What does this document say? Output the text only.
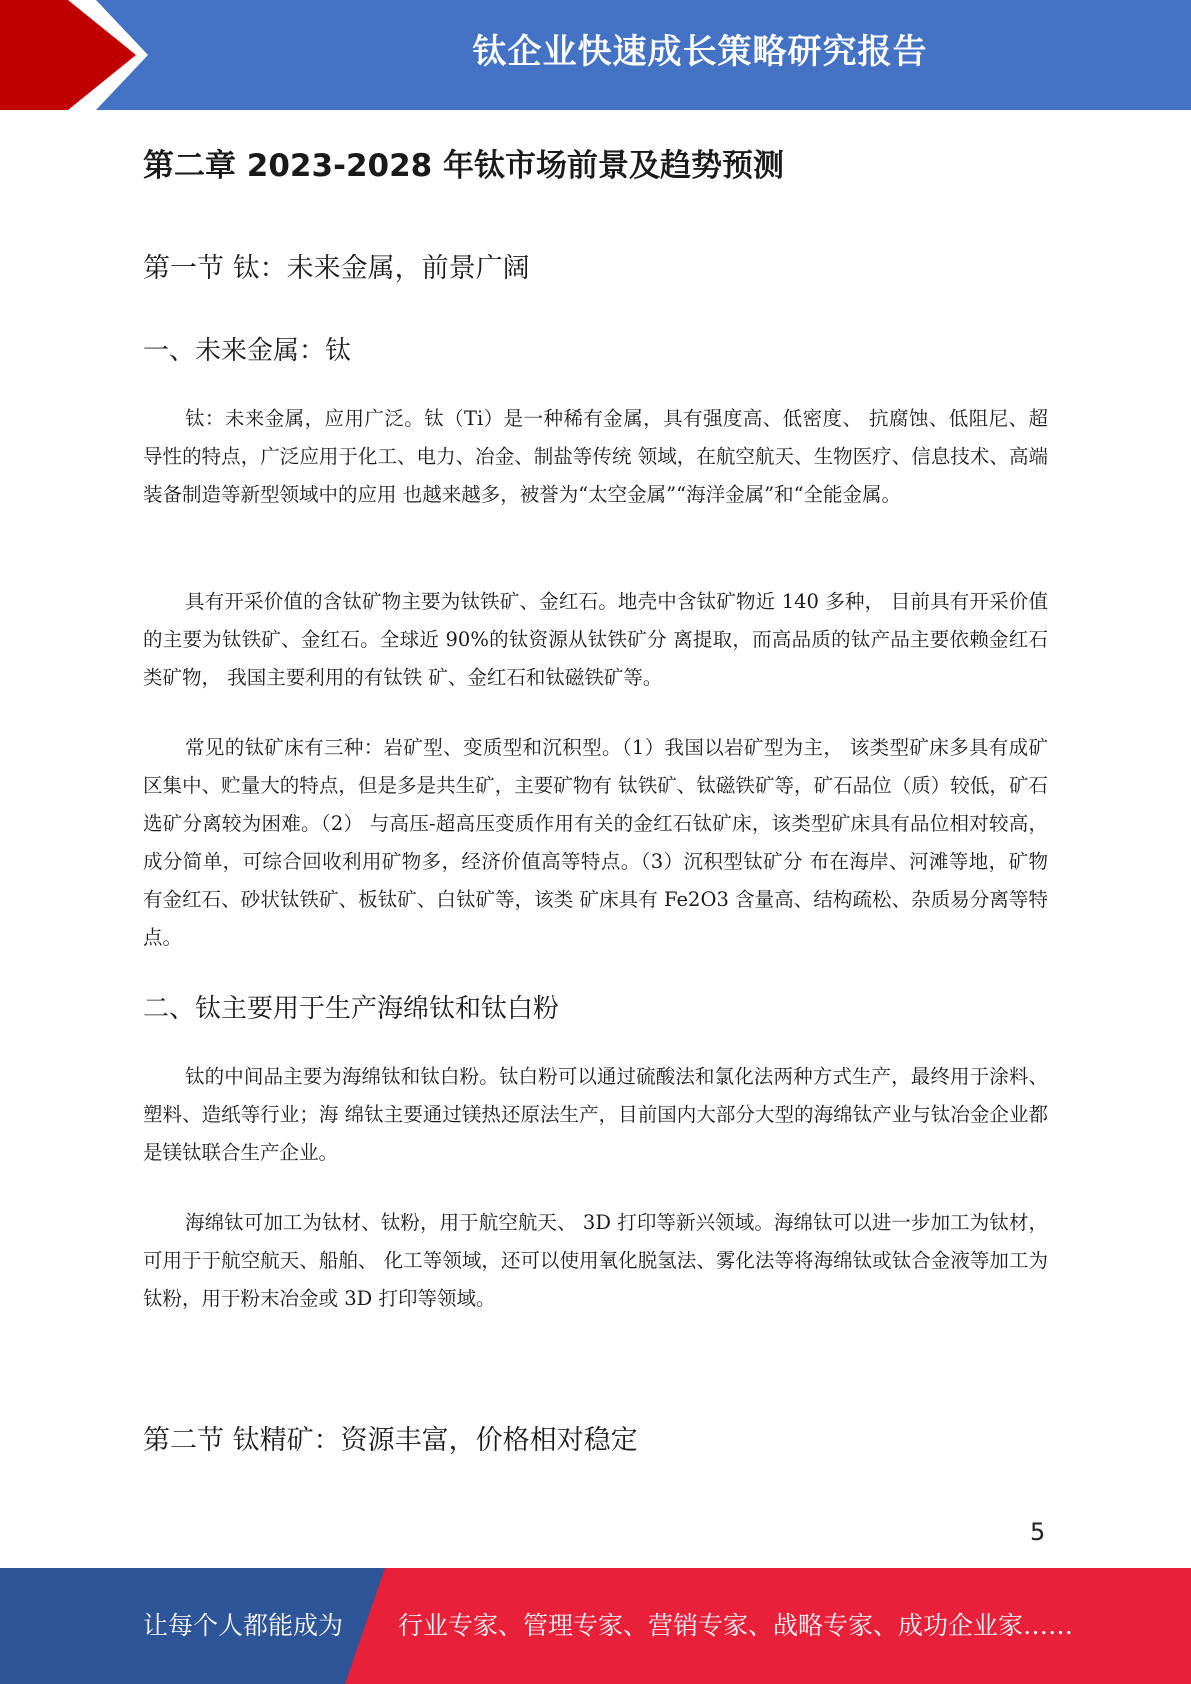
钛企业快速成长策略研究报告
第二章 2023-2028 年钛市场前景及趋势预测
第一节 钛：未来金属，前景广阔
一、未来金属：钛

钛：未来金属，应用广泛。钛（Ti）是一种稀有金属，具有强度高、低密度、 抗腐蚀、低阻尼、超导性的特点，广泛应用于化工、电力、冶金、制盐等传统 领域，在航空航天、生物医疗、信息技术、高端装备制造等新型领域中的应用 也越来越多，被誉为“太空金属”“海洋金属”和“全能金属。

具有开采价值的含钛矿物主要为钛铁矿、金红石。地壳中含钛矿物近 140 多种， 目前具有开采价值的主要为钛铁矿、金红石。全球近 90%的钛资源从钛铁矿分 离提取，而高品质的钛产品主要依赖金红石类矿物， 我国主要利用的有钛铁 矿、金红石和钛磁铁矿等。

常见的钛矿床有三种：岩矿型、变质型和沉积型。（1）我国以岩矿型为主， 该类型矿床多具有成矿区集中、贮量大的特点，但是多是共生矿，主要矿物有 钛铁矿、钛磁铁矿等，矿石品位（质）较低，矿石选矿分离较为困难。（2） 与高压-超高压变质作用有关的金红石钛矿床，该类型矿床具有品位相对较高， 成分简单，可综合回收利用矿物多，经济价值高等特点。（3）沉积型钛矿分 布在海岸、河滩等地，矿物有金红石、砂状钛铁矿、板钛矿、白钛矿等，该类 矿床具有 Fe2O3 含量高、结构疏松、杂质易分离等特点。

二、钛主要用于生产海绵钛和钛白粉

钛的中间品主要为海绵钛和钛白粉。钛白粉可以通过硫酸法和氯化法两种方式生产，最终用于涂料、塑料、造纸等行业；海 绵钛主要通过镁热还原法生产，目前国内大部分大型的海绵钛产业与钛冶金企业都是镁钛联合生产企业。

海绵钛可加工为钛材、钛粉，用于航空航天、 3D 打印等新兴领域。海绵钛可以进一步加工为钛材，可用于于航空航天、船舶、 化工等领域，还可以使用氧化脱氢法、雾化法等将海绵钛或钛合金液等加工为钛粉，用于粉末冶金或 3D 打印等领域。

第二节 钛精矿：资源丰富，价格相对稳定
5
让每个人都能成为 行业专家、管理专家、营销专家、战略专家、成功企业家……
